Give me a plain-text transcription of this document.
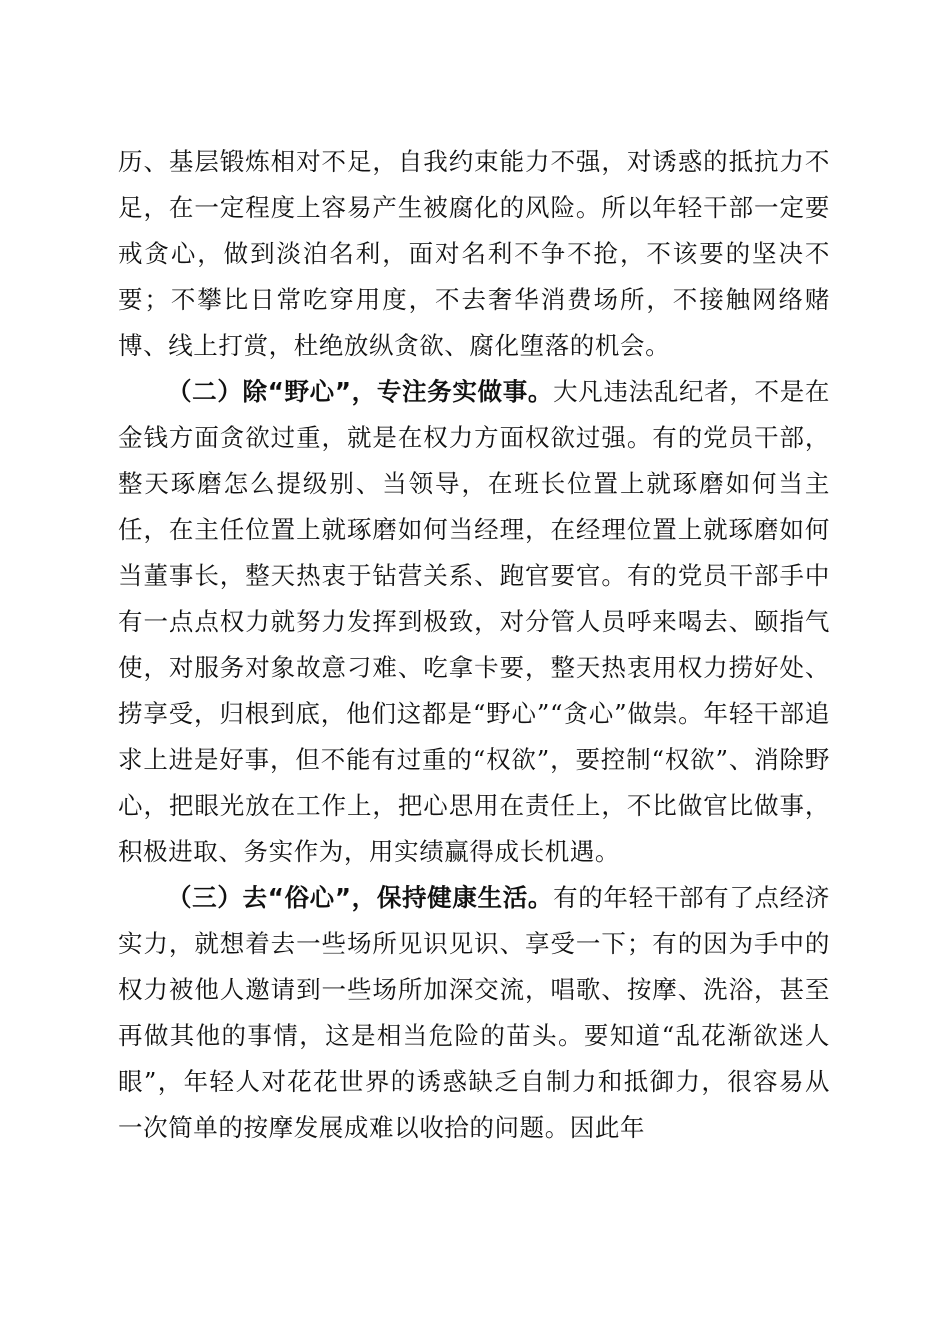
历、基层锻炼相对不足，自我约束能力不强，对诱惑的抵抗力不足，在一定程度上容易产生被腐化的风险。所以年轻干部一定要戒贪心，做到淡泊名利，面对名利不争不抢，不该要的坚决不要；不攀比日常吃穿用度，不去奢华消费场所，不接触网络赌博、线上打赏，杜绝放纵贪欲、腐化堕落的机会。

（二）除“野心”，专注务实做事。大凡违法乱纪者，不是在金钱方面贪欲过重，就是在权力方面权欲过强。有的党员干部，整天琢磨怎么提级别、当领导，在班长位置上就琢磨如何当主任，在主任位置上就琢磨如何当经理，在经理位置上就琢磨如何当董事长，整天热衷于钻营关系、跑官要官。有的党员干部手中有一点点权力就努力发挥到极致，对分管人员呼来喝去、颐指气使，对服务对象故意刁难、吃拿卡要，整天热衷用权力捞好处、捞享受，归根到底，他们这都是“野心”“贪心”做祟。年轻干部追求上进是好事，但不能有过重的“权欲”，要控制“权欲”、消除野心，把眼光放在工作上，把心思用在责任上，不比做官比做事，积极进取、务实作为，用实绩赢得成长机遇。

（三）去“俗心”，保持健康生活。有的年轻干部有了点经济实力，就想着去一些场所见识见识、享受一下；有的因为手中的权力被他人邀请到一些场所加深交流，唱歌、按摩、洗浴，甚至再做其他的事情，这是相当危险的苗头。要知道“乱花渐欲迷人眼”，年轻人对花花世界的诱惑缺乏自制力和抵御力，很容易从一次简单的按摩发展成难以收拾的问题。因此年
